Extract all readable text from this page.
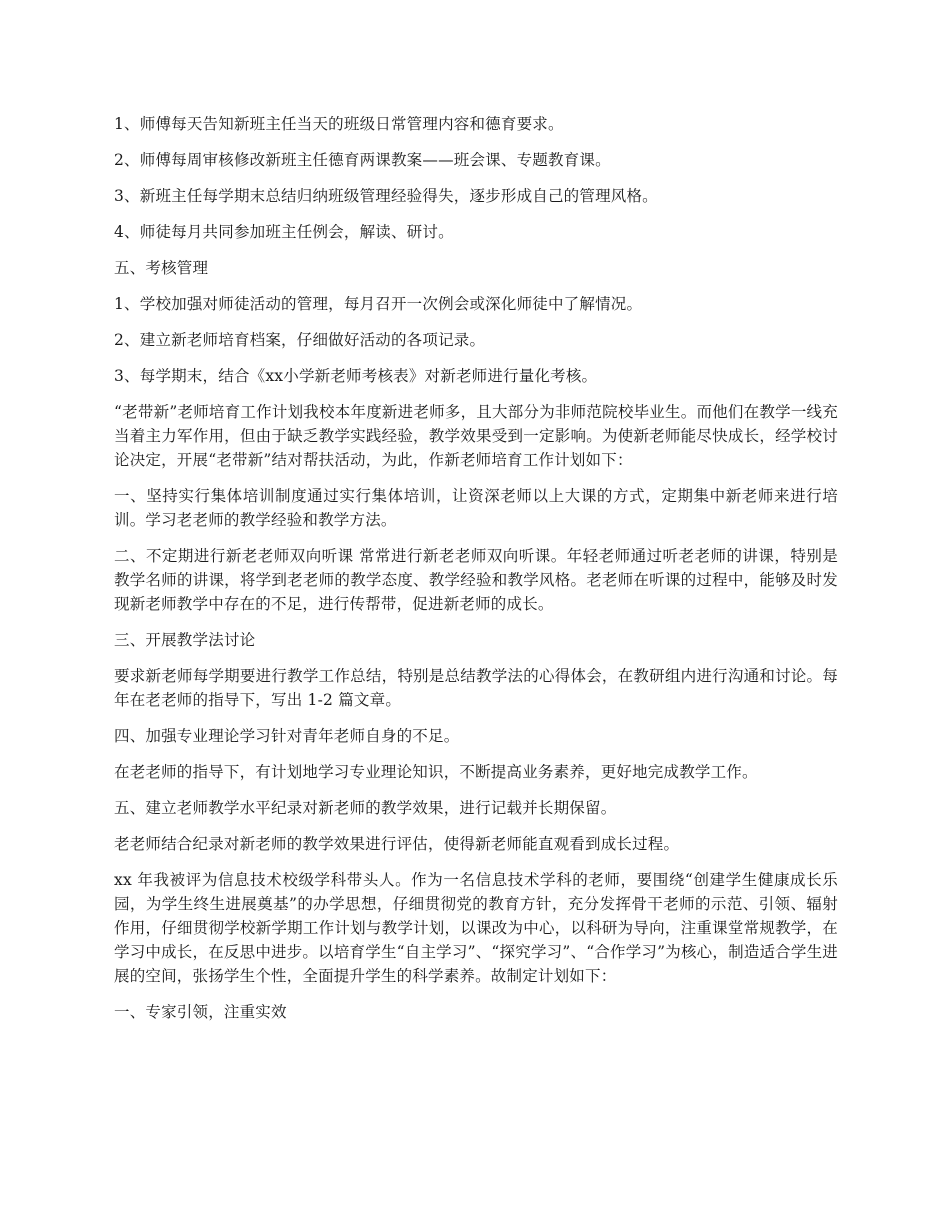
1、师傅每天告知新班主任当天的班级日常管理内容和德育要求。

2、师傅每周审核修改新班主任德育两课教案——班会课、专题教育课。

3、新班主任每学期末总结归纳班级管理经验得失，逐步形成自己的管理风格。

4、师徒每月共同参加班主任例会，解读、研讨。

五、考核管理

1、学校加强对师徒活动的管理，每月召开一次例会或深化师徒中了解情况。

2、建立新老师培育档案，仔细做好活动的各项记录。

3、每学期末，结合《xx小学新老师考核表》对新老师进行量化考核。

“老带新”老师培育工作计划我校本年度新进老师多，且大部分为非师范院校毕业生。而他们在教学一线充当着主力军作用，但由于缺乏教学实践经验，教学效果受到一定影响。为使新老师能尽快成长，经学校讨论决定，开展“老带新”结对帮扶活动，为此，作新老师培育工作计划如下：

一、坚持实行集体培训制度通过实行集体培训，让资深老师以上大课的方式，定期集中新老师来进行培训。学习老老师的教学经验和教学方法。

二、不定期进行新老老师双向听课 常常进行新老老师双向听课。年轻老师通过听老老师的讲课，特别是教学名师的讲课，将学到老老师的教学态度、教学经验和教学风格。老老师在听课的过程中，能够及时发现新老师教学中存在的不足，进行传帮带，促进新老师的成长。

三、开展教学法讨论

要求新老师每学期要进行教学工作总结，特别是总结教学法的心得体会，在教研组内进行沟通和讨论。每年在老老师的指导下，写出 1-2 篇文章。

四、加强专业理论学习针对青年老师自身的不足。

在老老师的指导下，有计划地学习专业理论知识，不断提高业务素养，更好地完成教学工作。

五、建立老师教学水平纪录对新老师的教学效果，进行记载并长期保留。

老老师结合纪录对新老师的教学效果进行评估，使得新老师能直观看到成长过程。

xx 年我被评为信息技术校级学科带头人。作为一名信息技术学科的老师，要围绕“创建学生健康成长乐园，为学生终生进展奠基”的办学思想，仔细贯彻党的教育方针，充分发挥骨干老师的示范、引领、辐射作用，仔细贯彻学校新学期工作计划与教学计划，以课改为中心，以科研为导向，注重课堂常规教学，在学习中成长，在反思中进步。以培育学生“自主学习”、“探究学习”、“合作学习”为核心，制造适合学生进展的空间，张扬学生个性，全面提升学生的科学素养。故制定计划如下：

一、专家引领，注重实效
